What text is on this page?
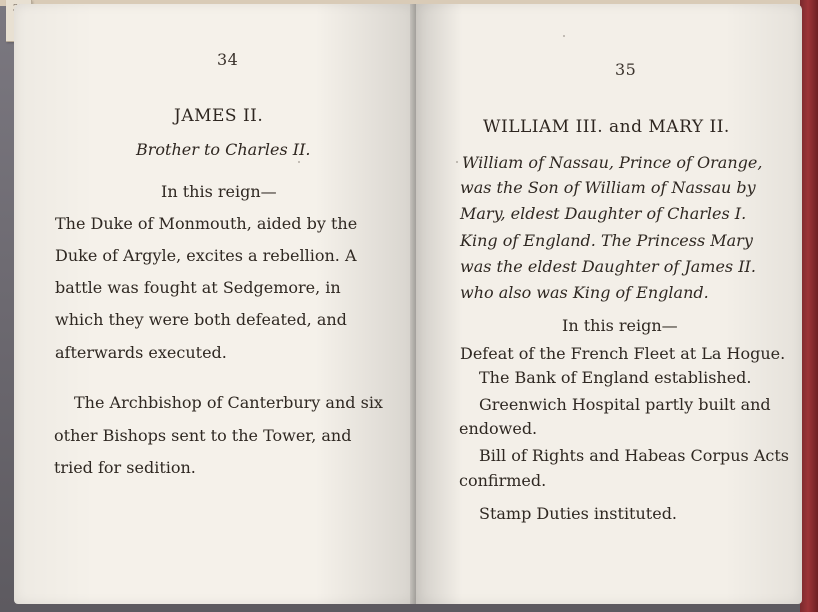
34
JAMES II.
Brother to Charles II.
In this reign—
The Duke of Monmouth, aided by the
Duke of Argyle, excites a rebellion. A
battle was fought at Sedgemore, in
which they were both defeated, and
afterwards executed.
The Archbishop of Canterbury and six
other Bishops sent to the Tower, and
tried for sedition.
35
WILLIAM III. and MARY II.
William of Nassau, Prince of Orange,
was the Son of William of Nassau by
Mary, eldest Daughter of Charles I.
King of England. The Princess Mary
was the eldest Daughter of James II.
who also was King of England.
In this reign—
Defeat of the French Fleet at La Hogue.
The Bank of England established.
Greenwich Hospital partly built and
endowed.
Bill of Rights and Habeas Corpus Acts
confirmed.
Stamp Duties instituted.
